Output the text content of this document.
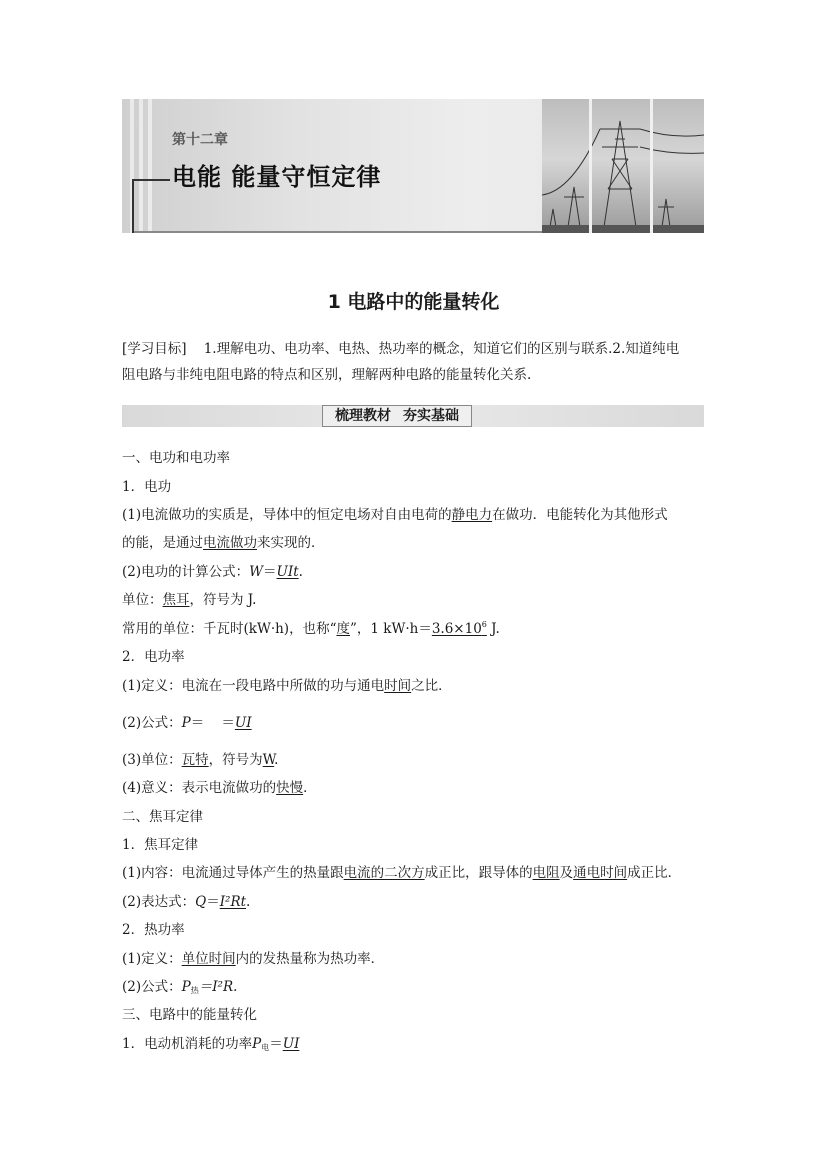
第十二章
电能 能量守恒定律
1 电路中的能量转化
[学习目标] 1.理解电功、电功率、电热、热功率的概念，知道它们的区别与联系.2.知道纯电
阻电路与非纯电阻电路的特点和区别，理解两种电路的能量转化关系.
梳理教材 夯实基础
一、电功和电功率
1．电功
(1)电流做功的实质是，导体中的恒定电场对自由电荷的静电力在做功．电能转化为其他形式
的能，是通过电流做功来实现的．
(2)电功的计算公式：W＝UIt.
单位：焦耳，符号为 J.
常用的单位：千瓦时(kW·h)，也称“度”，1 $kW\cdot h=3.6\times 10^6$ J.
2．电功率
(1)定义：电流在一段电路中所做的功与通电时间之比．
(2)公式：P＝    ＝UI
(3)单位：瓦特，符号为W.
(4)意义：表示电流做功的快慢．
二、焦耳定律
1．焦耳定律
(1)内容：电流通过导体产生的热量跟电流的二次方成正比，跟导体的电阻及通电时间成正比．
(2)表达式：Q＝I²Rt.
2．热功率
(1)定义：单位时间内的发热量称为热功率．
(2)公式：$P_热=I^2R$.
三、电路中的能量转化
1．电动机消耗的功率$P_电=UI$
